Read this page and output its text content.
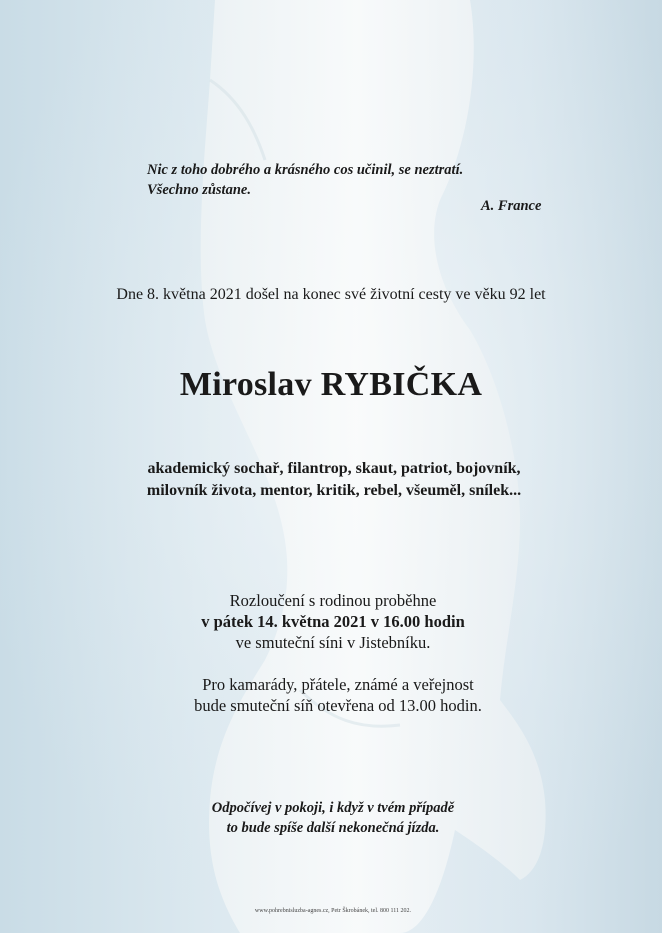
Nic z toho dobrého a krásného cos učinil, se neztratí.
Všechno zůstane.
A. France
Dne 8. května 2021 došel na konec své životní cesty ve věku 92 let
Miroslav RYBIČKA
akademický sochař, filantrop, skaut, patriot, bojovník,
milovník života, mentor, kritik, rebel, všeuměl, snílek...
Rozloučení s rodinou proběhne
v pátek 14. května 2021 v 16.00 hodin
ve smuteční síni v Jistebníku.
Pro kamarády, přátele, známé a veřejnost
bude smuteční síň otevřena od 13.00 hodin.
Odpočívej v pokoji, i když v tvém případě
to bude spíše další nekonečná jízda.
www.pohrebnisluzba-agnes.cz, Petr Škrobánek, tel. 800 111 202.
